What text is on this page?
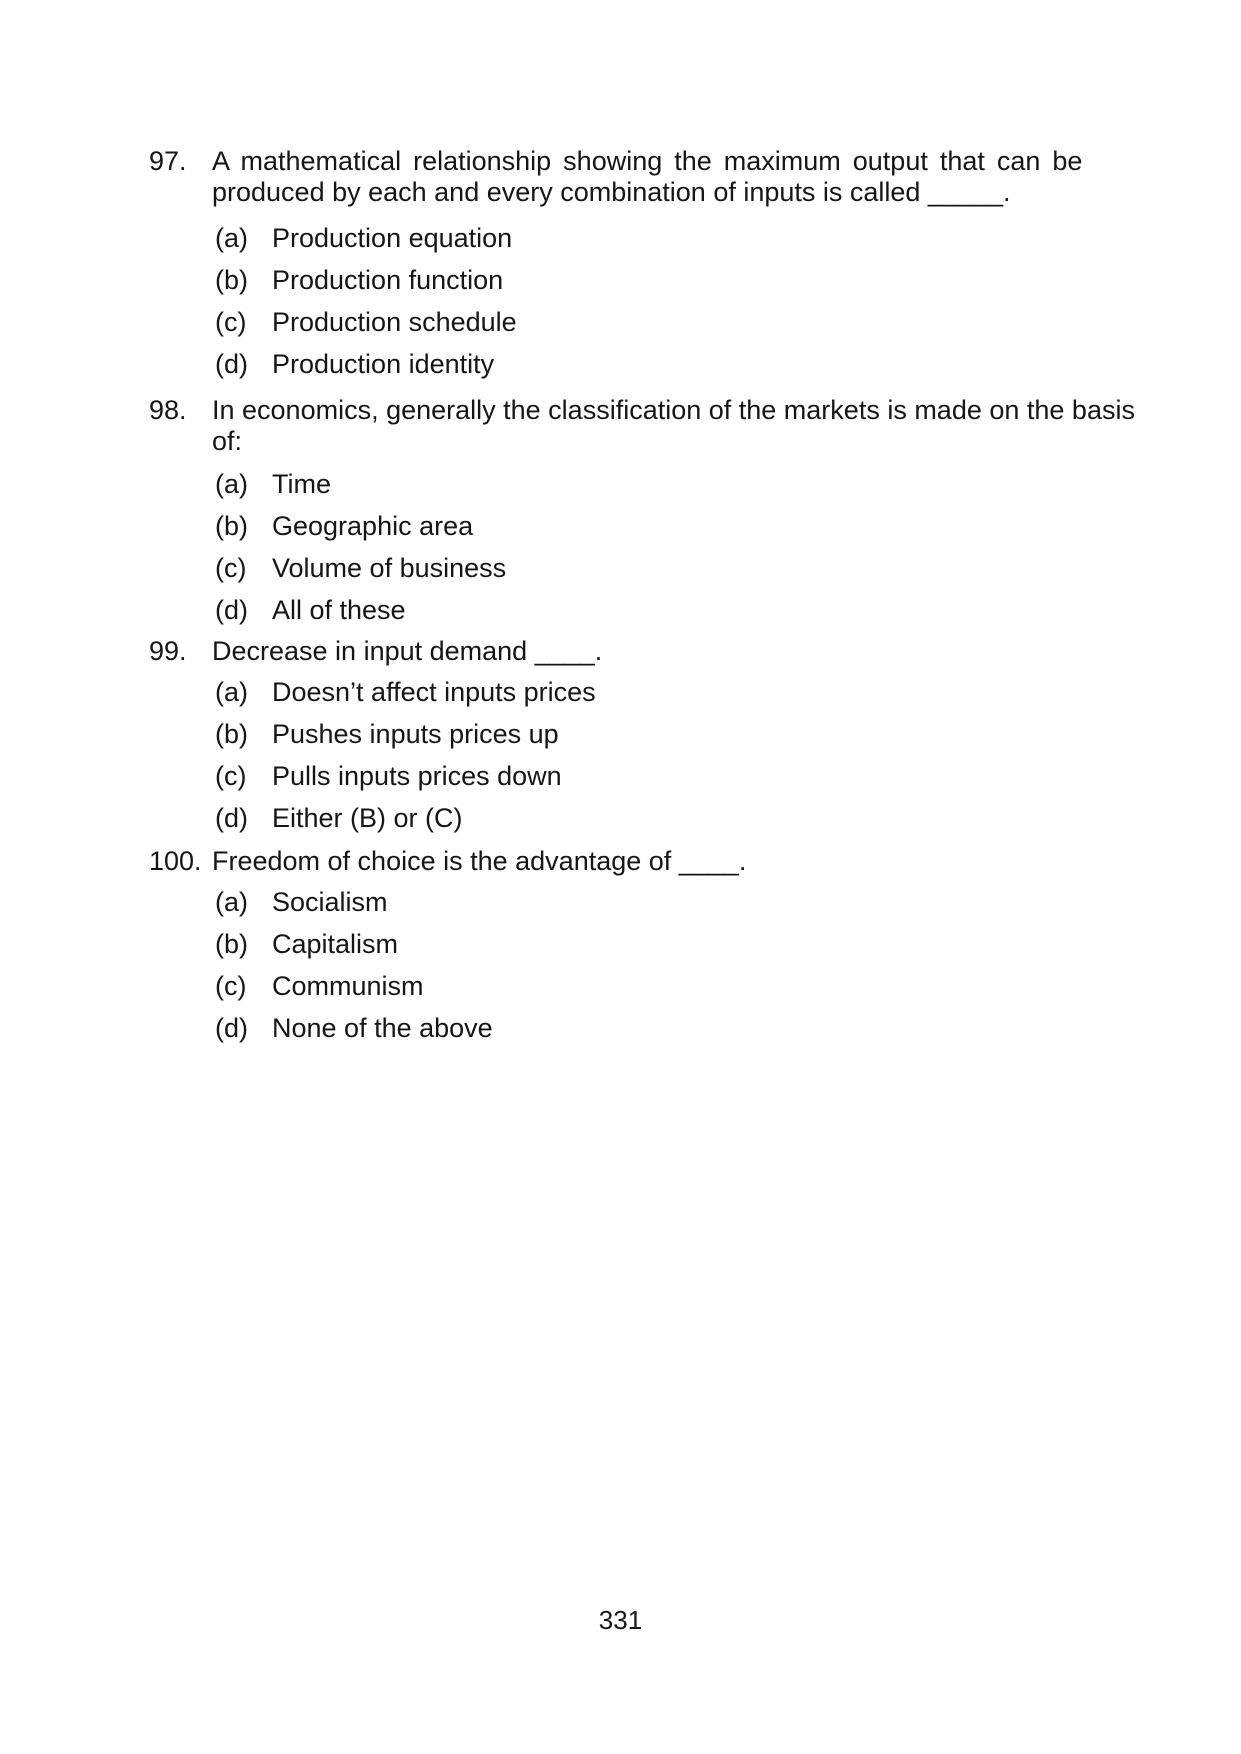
97. A mathematical relationship showing the maximum output that can be
produced by each and every combination of inputs is called _____.
(a) Production equation
(b) Production function
(c) Production schedule
(d) Production identity
98. In economics, generally the classification of the markets is made on the basis
of:
(a) Time
(b) Geographic area
(c) Volume of business
(d) All of these
99. Decrease in input demand ____.
(a) Doesn’t affect inputs prices
(b) Pushes inputs prices up
(c) Pulls inputs prices down
(d) Either (B) or (C)
100. Freedom of choice is the advantage of ____.
(a) Socialism
(b) Capitalism
(c) Communism
(d) None of the above
331
